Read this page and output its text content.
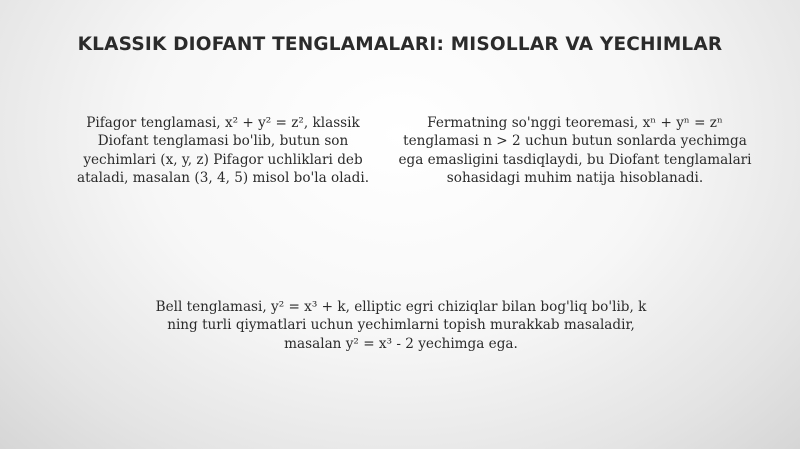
KLASSIK DIOFANT TENGLAMALARI: MISOLLAR VA YECHIMLAR

Pifagor tenglamasi, x² + y² = z², klassik Diofant tenglamasi bo'lib, butun son yechimlari (x, y, z) Pifagor uchliklari deb ataladi, masalan (3, 4, 5) misol bo'la oladi.

Fermatning so'nggi teoremasi, xⁿ + yⁿ = zⁿ tenglamasi n > 2 uchun butun sonlarda yechimga ega emasligini tasdiqlaydi, bu Diofant tenglamalari sohasidagi muhim natija hisoblanadi.

Bell tenglamasi, y² = x³ + k, elliptic egri chiziqlar bilan bog'liq bo'lib, k ning turli qiymatlari uchun yechimlarni topish murakkab masaladir, masalan y² = x³ - 2 yechimga ega.
